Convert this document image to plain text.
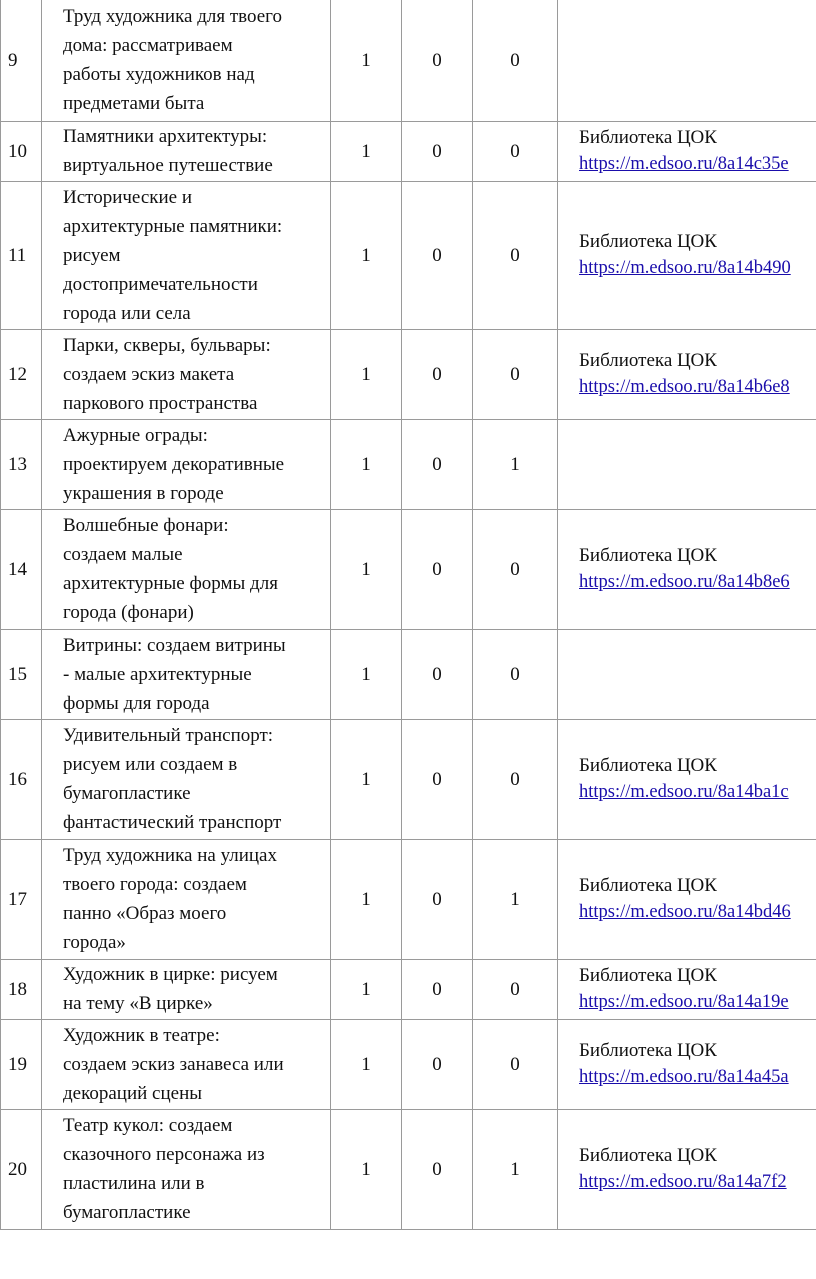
9	Труд художника для твоего
дома: рассматриваем
работы художников над
предметами быта	1	0	0	
10	Памятники архитектуры:
виртуальное путешествие	1	0	0	Библиотека ЦОК
https://m.edsoo.ru/8a14c35e

11	Исторические и
архитектурные памятники:
рисуем
достопримечательности
города или села	1	0	0	Библиотека ЦОК
https://m.edsoo.ru/8a14b490

12	Парки, скверы, бульвары:
создаем эскиз макета
паркового пространства	1	0	0	Библиотека ЦОК
https://m.edsoo.ru/8a14b6e8

13	Ажурные ограды:
проектируем декоративные
украшения в городе	1	0	1	
14	Волшебные фонари:
создаем малые
архитектурные формы для
города (фонари)	1	0	0	Библиотека ЦОК
https://m.edsoo.ru/8a14b8e6

15	Витрины: создаем витрины
- малые архитектурные
формы для города	1	0	0	
16	Удивительный транспорт:
рисуем или создаем в
бумагопластике
фантастический транспорт	1	0	0	Библиотека ЦОК
https://m.edsoo.ru/8a14ba1c

17	Труд художника на улицах
твоего города: создаем
панно «Образ моего
города»	1	0	1	Библиотека ЦОК
https://m.edsoo.ru/8a14bd46

18	Художник в цирке: рисуем
на тему «В цирке»	1	0	0	Библиотека ЦОК
https://m.edsoo.ru/8a14a19e

19	Художник в театре:
создаем эскиз занавеса или
декораций сцены	1	0	0	Библиотека ЦОК
https://m.edsoo.ru/8a14a45a

20	Театр кукол: создаем
сказочного персонажа из
пластилина или в
бумагопластике	1	0	1	Библиотека ЦОК
https://m.edsoo.ru/8a14a7f2
